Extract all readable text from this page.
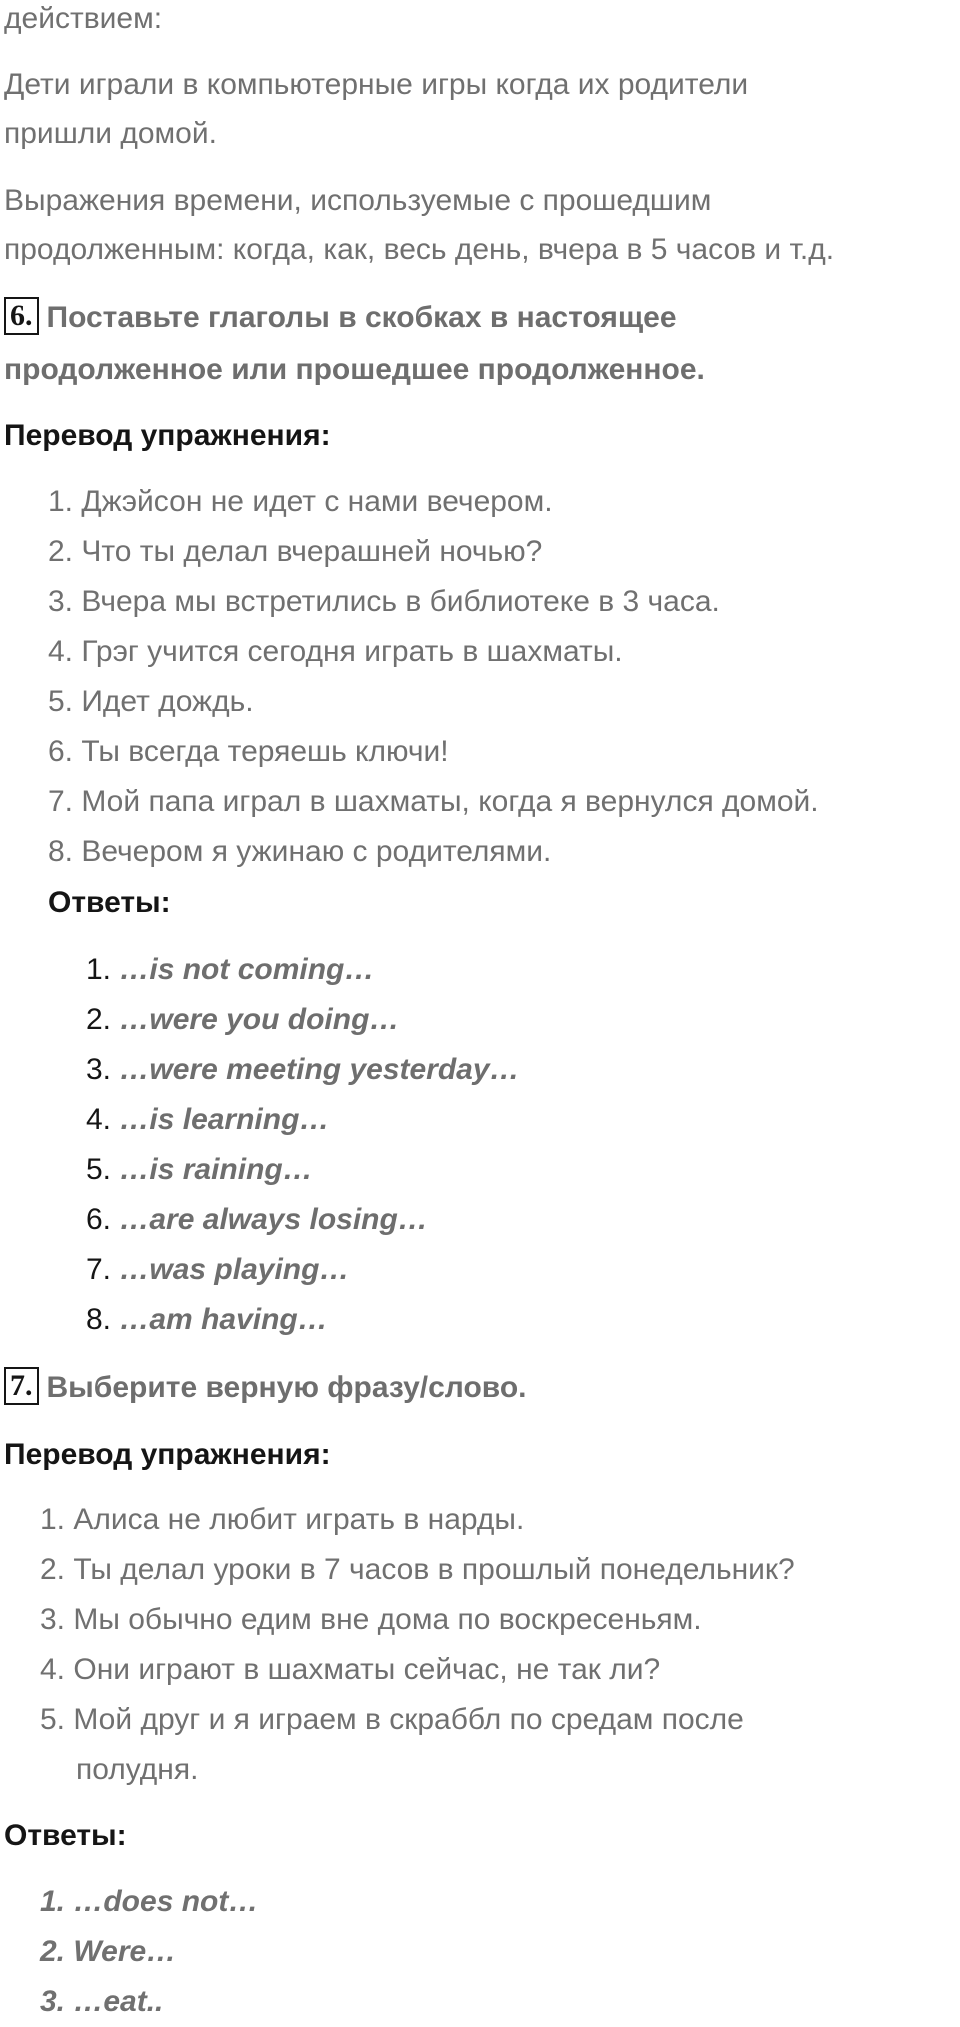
действием:
Дети играли в компьютерные игры когда их родители
пришли домой.
Выражения времени, используемые с прошедшим
продолженным: когда, как, весь день, вчера в 5 часов и т.д.
6. Поставьте глаголы в скобках в настоящее
продолженное или прошедшее продолженное.
Перевод упражнения:
1. Джэйсон не идет с нами вечером.
2. Что ты делал вчерашней ночью?
3. Вчера мы встретились в библиотеке в 3 часа.
4. Грэг учится сегодня играть в шахматы.
5. Идет дождь.
6. Ты всегда теряешь ключи!
7. Мой папа играл в шахматы, когда я вернулся домой.
8. Вечером я ужинаю с родителями.
Ответы:
1. …is not coming…
2. …were you doing…
3. …were meeting yesterday…
4. …is learning…
5. …is raining…
6. …are always losing…
7. …was playing…
8. …am having…
7. Выберите верную фразу/слово.
Перевод упражнения:
1. Алиса не любит играть в нарды.
2. Ты делал уроки в 7 часов в прошлый понедельник?
3. Мы обычно едим вне дома по воскресеньям.
4. Они играют в шахматы сейчас, не так ли?
5. Мой друг и я играем в скраббл по средам после
полудня.
Ответы:
1. …does not…
2. Were…
3. …eat..
